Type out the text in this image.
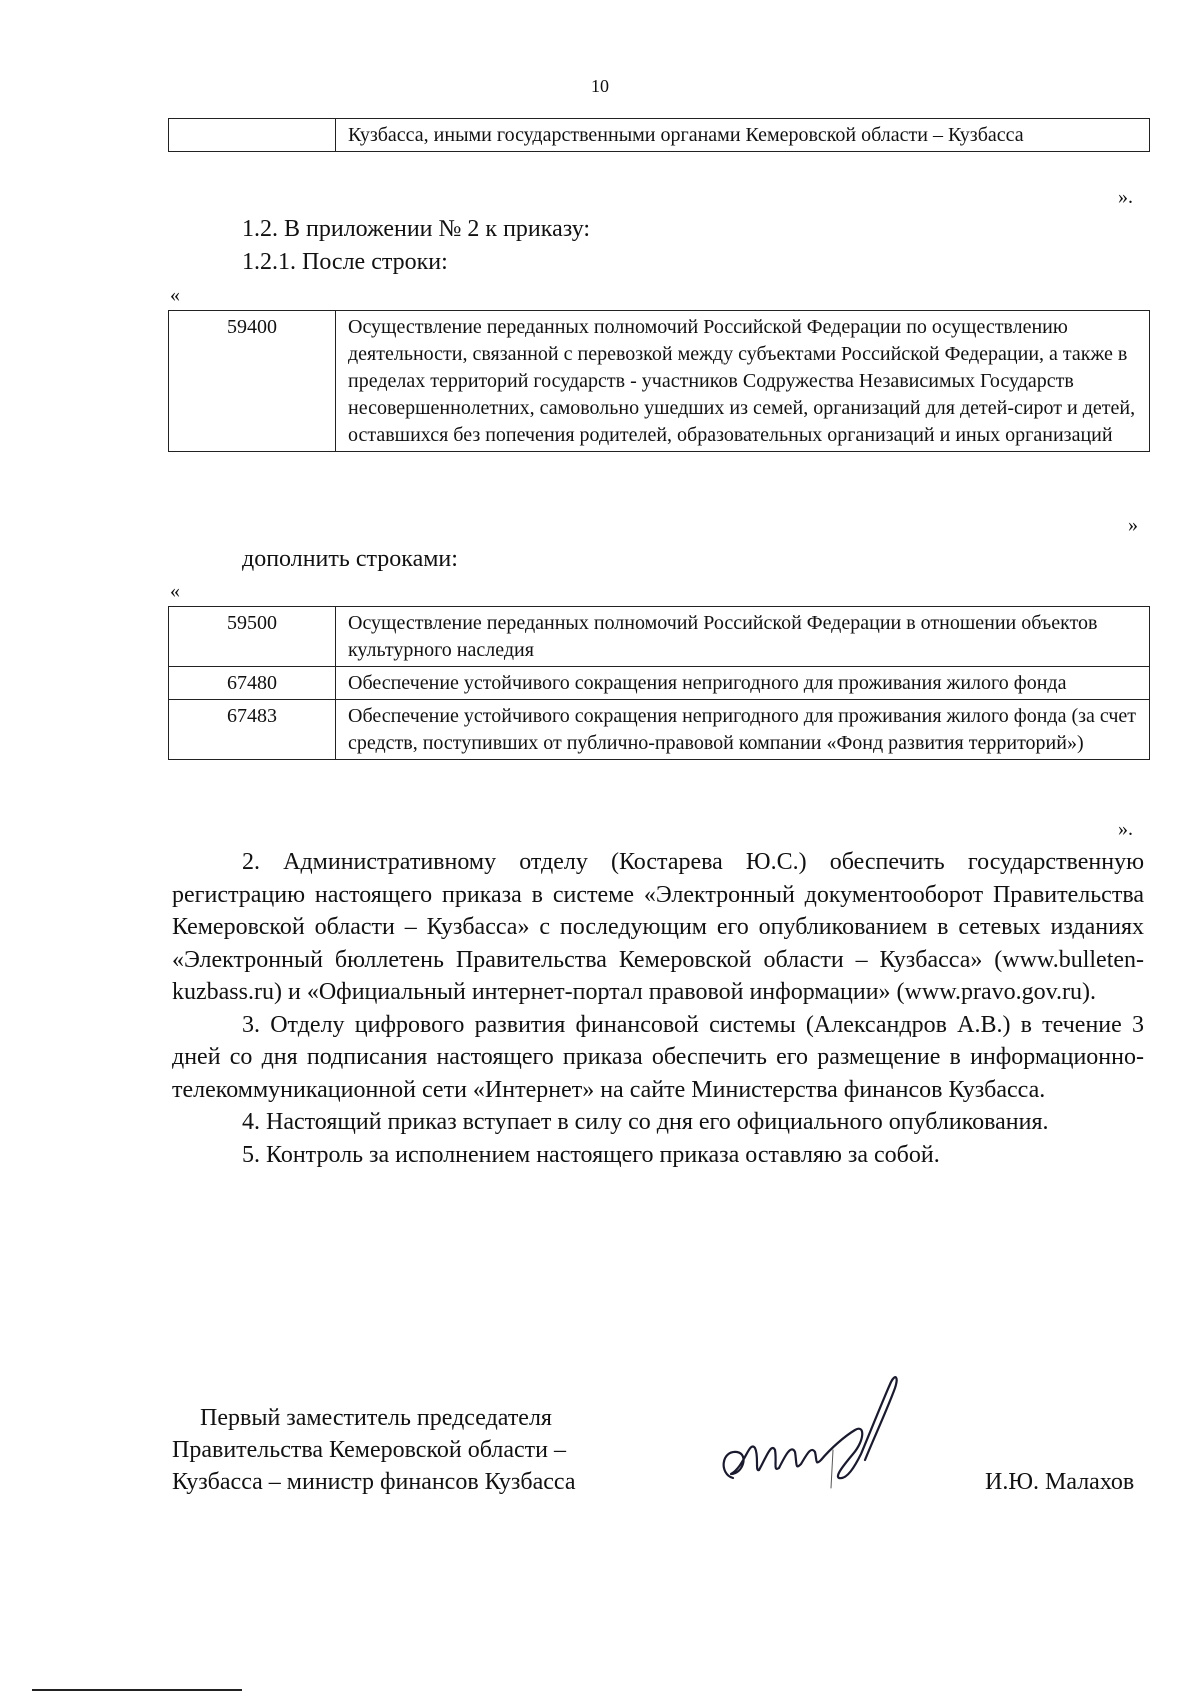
10
	Кузбасса, иными государственными органами Кемеровской области – Кузбасса
».
1.2. В приложении № 2 к приказу:
1.2.1. После строки:
«
59400	Осуществление переданных полномочий Российской Федерации по осуществлению деятельности, связанной с перевозкой между субъектами Российской Федерации, а также в пределах территорий государств - участников Содружества Независимых Государств несовершеннолетних, самовольно ушедших из семей, организаций для детей-сирот и детей, оставшихся без попечения родителей, образовательных организаций и иных организаций
»
дополнить строками:
«
59500	Осуществление переданных полномочий Российской Федерации в отношении объектов культурного наследия
67480	Обеспечение устойчивого сокращения непригодного для проживания жилого фонда
67483	Обеспечение устойчивого сокращения непригодного для проживания жилого фонда (за счет средств, поступивших от публично-правовой компании «Фонд развития территорий»)
».

2. Административному отделу (Костарева Ю.С.) обеспечить государственную регистрацию настоящего приказа в системе «Электронный документооборот Правительства Кемеровской области – Кузбасса» с последующим его опубликованием в сетевых изданиях «Электронный бюллетень Правительства Кемеровской области – Кузбасса» (www.bulleten-kuzbass.ru) и «Официальный интернет-портал правовой информации» (www.pravo.gov.ru).

3. Отделу цифрового развития финансовой системы (Александров А.В.) в течение 3 дней со дня подписания настоящего приказа обеспечить его размещение в информационно-телекоммуникационной сети «Интернет» на сайте Министерства финансов Кузбасса.

4. Настоящий приказ вступает в силу со дня его официального опубликования.

5. Контроль за исполнением настоящего приказа оставляю за собой.

Первый заместитель председателя
Правительства Кемеровской области –
Кузбасса – министр финансов Кузбасса	И.Ю. Малахов
